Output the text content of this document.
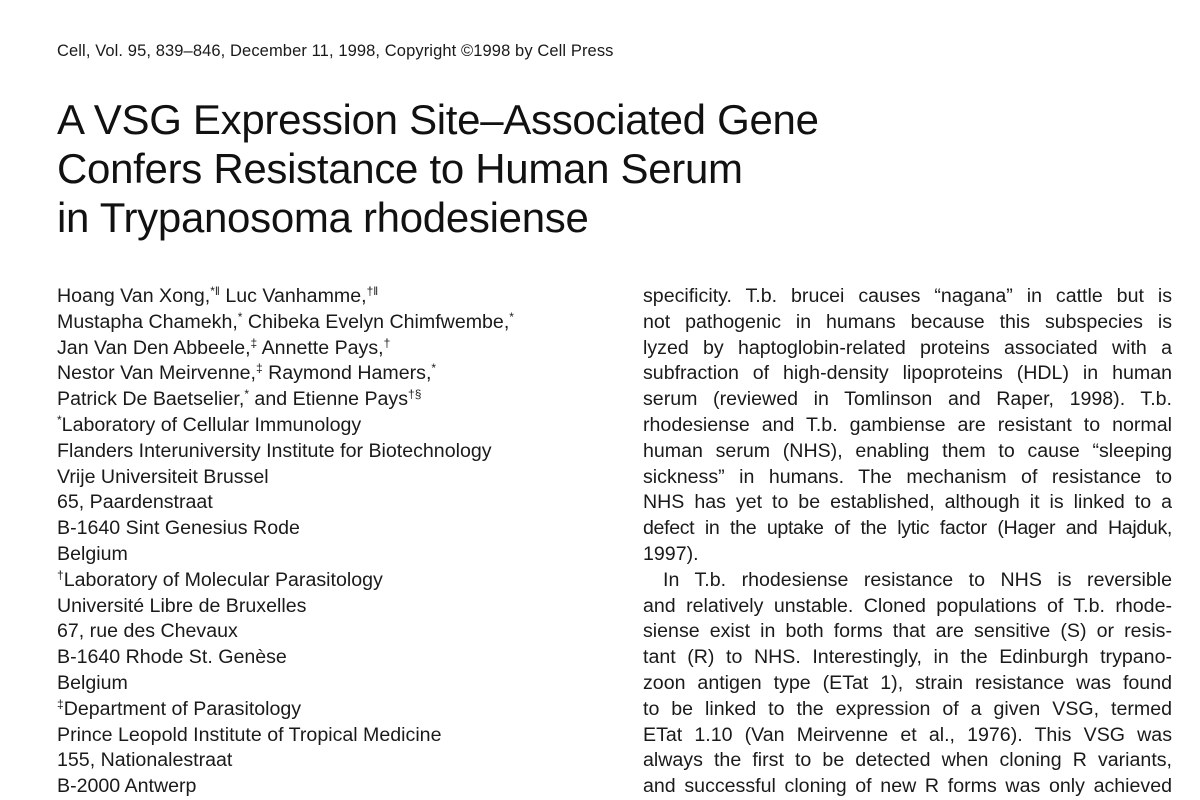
Cell, Vol. 95, 839–846, December 11, 1998, Copyright ©1998 by Cell Press
A VSG Expression Site–Associated Gene
Confers Resistance to Human Serum
in Trypanosoma rhodesiense
Hoang Van Xong,*‖ Luc Vanhamme,†‖
Mustapha Chamekh,* Chibeka Evelyn Chimfwembe,*
Jan Van Den Abbeele,‡ Annette Pays,†
Nestor Van Meirvenne,‡ Raymond Hamers,*
Patrick De Baetselier,* and Etienne Pays†§
*Laboratory of Cellular Immunology
Flanders Interuniversity Institute for Biotechnology
Vrije Universiteit Brussel
65, Paardenstraat
B-1640 Sint Genesius Rode
Belgium
†Laboratory of Molecular Parasitology
Université Libre de Bruxelles
67, rue des Chevaux
B-1640 Rhode St. Genèse
Belgium
‡Department of Parasitology
Prince Leopold Institute of Tropical Medicine
155, Nationalestraat
B-2000 Antwerp
specificity. T.b. brucei causes “nagana” in cattle but is
not pathogenic in humans because this subspecies is
lyzed by haptoglobin-related proteins associated with a
subfraction of high-density lipoproteins (HDL) in human
serum (reviewed in Tomlinson and Raper, 1998). T.b.
rhodesiense and T.b. gambiense are resistant to normal
human serum (NHS), enabling them to cause “sleeping
sickness” in humans. The mechanism of resistance to
NHS has yet to be established, although it is linked to a
defect in the uptake of the lytic factor (Hager and Hajduk,
1997).
In T.b. rhodesiense resistance to NHS is reversible
and relatively unstable. Cloned populations of T.b. rhode-
siense exist in both forms that are sensitive (S) or resis-
tant (R) to NHS. Interestingly, in the Edinburgh trypano-
zoon antigen type (ETat 1), strain resistance was found
to be linked to the expression of a given VSG, termed
ETat 1.10 (Van Meirvenne et al., 1976). This VSG was
always the first to be detected when cloning R variants,
and successful cloning of new R forms was only achieved
